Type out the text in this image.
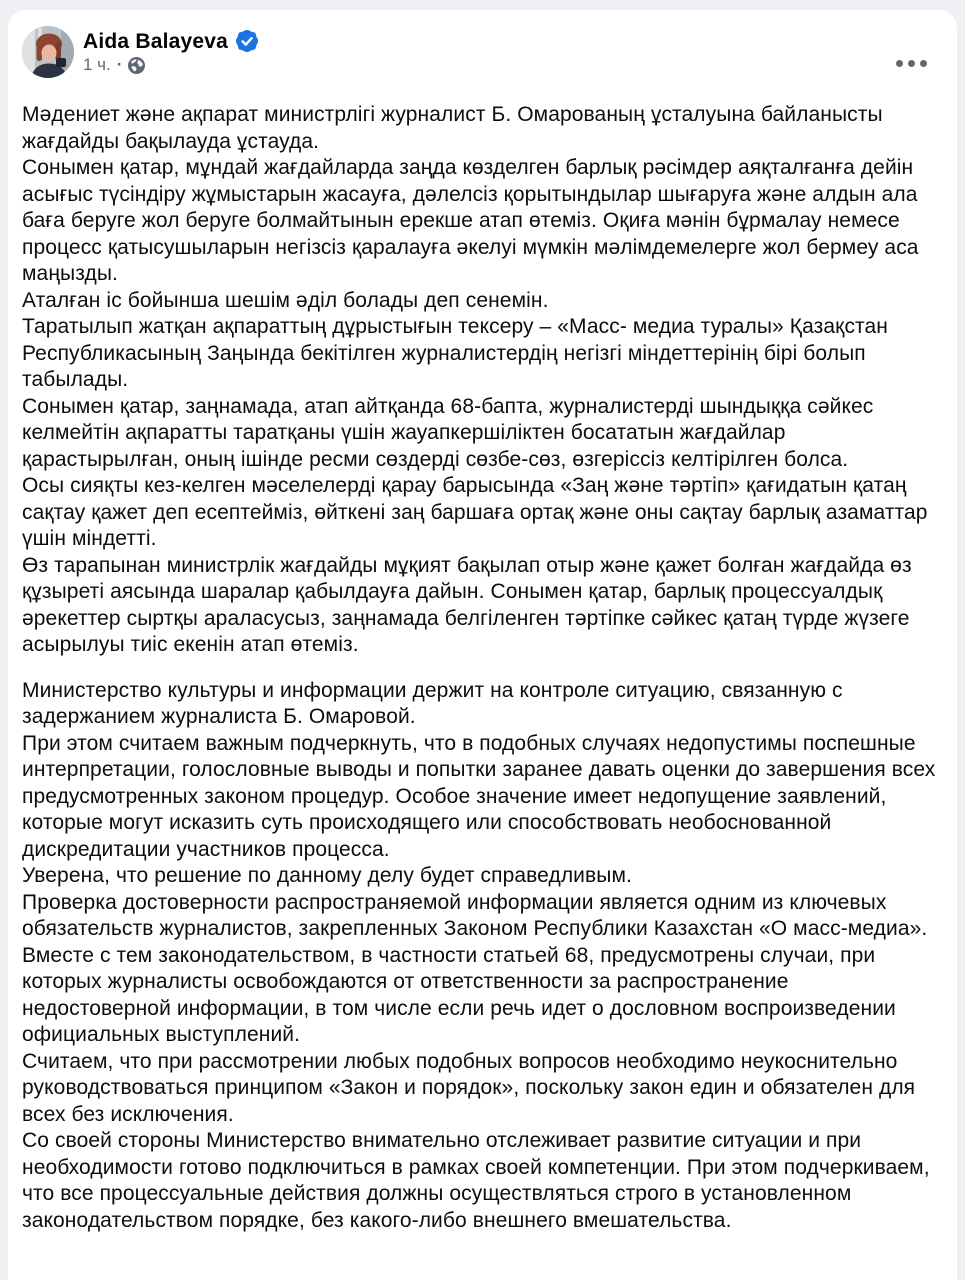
Aida Balayeva
1 ч. ·

Мәдениет және ақпарат министрлігі журналист Б. Омарованың ұсталуына байланысты жағдайды бақылауда ұстауда.

Сонымен қатар, мұндай жағдайларда заңда көзделген барлық рәсімдер аяқталғанға дейін асығыс түсіндіру жұмыстарын жасауға, дәлелсіз қорытындылар шығаруға және алдын ала баға беруге жол беруге болмайтынын ерекше атап өтеміз. Оқиға мәнін бұрмалау немесе процесс қатысушыларын негізсіз қаралауға әкелуі мүмкін мәлімдемелерге жол бермеу аса маңызды.

Аталған іс бойынша шешім әділ болады деп сенемін.

Таратылып жатқан ақпараттың дұрыстығын тексеру – «Масс- медиа туралы» Қазақстан Республикасының Заңында бекітілген журналистердің негізгі міндеттерінің бірі болып табылады.

Сонымен қатар, заңнамада, атап айтқанда 68-бапта, журналистерді шындыққа сәйкес келмейтін ақпаратты таратқаны үшін жауапкершіліктен босататын жағдайлар қарастырылған, оның ішінде ресми сөздерді сөзбе-сөз, өзгеріссіз келтірілген болса.

Осы сияқты кез-келген мәселелерді қарау барысында «Заң және тәртіп» қағидатын қатаң сақтау қажет деп есептейміз, өйткені заң баршаға ортақ және оны сақтау барлық азаматтар үшін міндетті.

Өз тарапынан министрлік жағдайды мұқият бақылап отыр және қажет болған жағдайда өз құзыреті аясында шаралар қабылдауға дайын. Сонымен қатар, барлық процессуалдық әрекеттер сыртқы араласусыз, заңнамада белгіленген тәртіпке сәйкес қатаң түрде жүзеге асырылуы тиіс екенін атап өтеміз.

Министерство культуры и информации держит на контроле ситуацию, связанную с задержанием журналиста Б. Омаровой.

При этом считаем важным подчеркнуть, что в подобных случаях недопустимы поспешные интерпретации, голословные выводы и попытки заранее давать оценки до завершения всех предусмотренных законом процедур. Особое значение имеет недопущение заявлений, которые могут исказить суть происходящего или способствовать необоснованной дискредитации участников процесса.

Уверена, что решение по данному делу будет справедливым.

Проверка достоверности распространяемой информации является одним из ключевых обязательств журналистов, закрепленных Законом Республики Казахстан «О масс-медиа».

Вместе с тем законодательством, в частности статьей 68, предусмотрены случаи, при которых журналисты освобождаются от ответственности за распространение недостоверной информации, в том числе если речь идет о дословном воспроизведении официальных выступлений.

Считаем, что при рассмотрении любых подобных вопросов необходимо неукоснительно руководствоваться принципом «Закон и порядок», поскольку закон един и обязателен для всех без исключения.

Со своей стороны Министерство внимательно отслеживает развитие ситуации и при необходимости готово подключиться в рамках своей компетенции. При этом подчеркиваем, что все процессуальные действия должны осуществляться строго в установленном законодательством порядке, без какого-либо внешнего вмешательства.
